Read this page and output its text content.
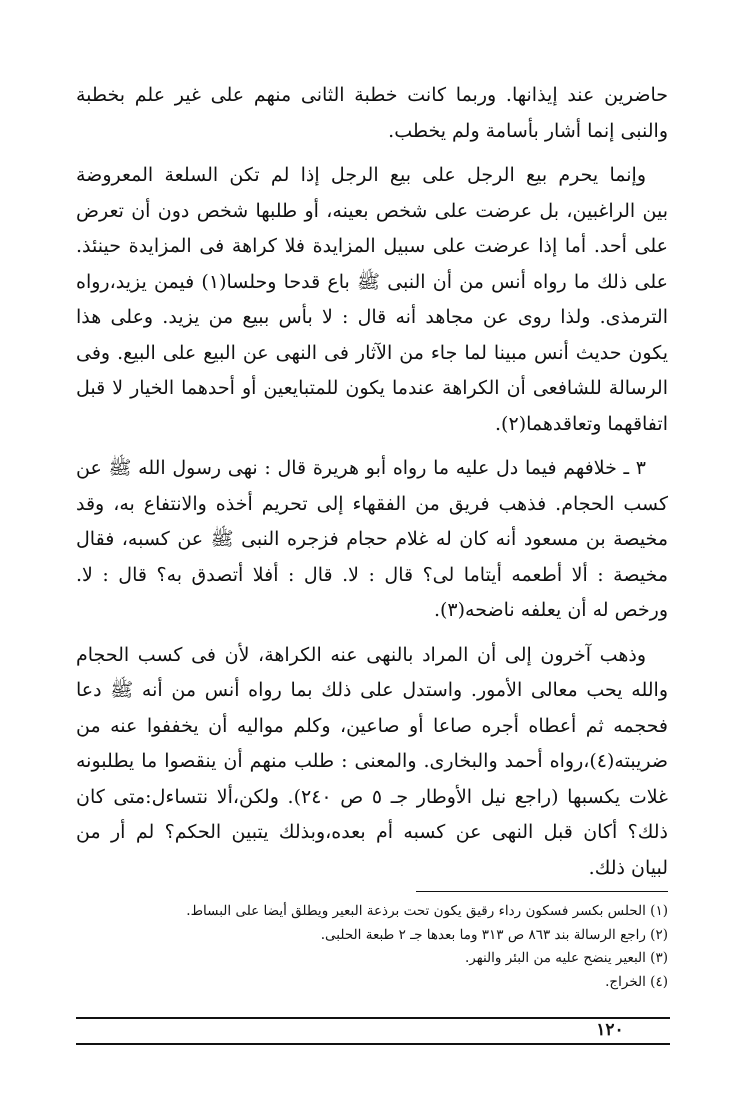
حاضرين عند إيذانها. وربما كانت خطبة الثانى منهم على غير علم بخطبة
والنبى إنما أشار بأسامة ولم يخطب.

وإنما يحرم بيع الرجل على بيع الرجل إذا لم تكن السلعة المعروضة
بين الراغبين، بل عرضت على شخص بعينه، أو طلبها شخص دون أن تعرض
على أحد. أما إذا عرضت على سبيل المزايدة فلا كراهة فى المزايدة حينئذ.
على ذلك ما رواه أنس من أن النبى ﷺ باع قدحا وحلسا(١) فيمن يزيد،رواه
الترمذى. ولذا روى عن مجاهد أنه قال : لا بأس ببيع من يزيد. وعلى هذا
يكون حديث أنس مبينا لما جاء من الآثار فى النهى عن البيع على البيع. وفى
الرسالة للشافعى أن الكراهة عندما يكون للمتبايعين أو أحدهما الخيار لا قبل
اتفاقهما وتعاقدهما(٢).

٣ ـ خلافهم فيما دل عليه ما رواه أبو هريرة قال : نهى رسول الله ﷺ عن
كسب الحجام. فذهب فريق من الفقهاء إلى تحريم أخذه والانتفاع به، وقد
مخيصة بن مسعود أنه كان له غلام حجام فزجره النبى ﷺ عن كسبه، فقال
مخيصة : ألا أطعمه أيتاما لى؟ قال : لا. قال : أفلا أتصدق به؟ قال : لا.
ورخص له أن يعلفه ناضحه(٣).

وذهب آخرون إلى أن المراد بالنهى عنه الكراهة، لأن فى كسب الحجام
والله يحب معالى الأمور. واستدل على ذلك بما رواه أنس من أنه ﷺ دعا
فحجمه ثم أعطاه أجره صاعا أو صاعين، وكلم مواليه أن يخففوا عنه من
ضريبته(٤)،رواه أحمد والبخارى. والمعنى : طلب منهم أن ينقصوا ما يطلبونه
غلات يكسبها (راجع نيل الأوطار جـ ٥ ص ٢٤٠). ولكن،ألا نتساءل:متى كان
ذلك؟ أكان قبل النهى عن كسبه أم بعده،وبذلك يتبين الحكم؟ لم أر من
لبيان ذلك.

(١) الحلس بكسر فسكون رداء رقيق يكون تحت برذعة البعير ويطلق أيضا على البساط.
(٢) راجع الرسالة بند ٨٦٣ ص ٣١٣ وما بعدها جـ ٢ طبعة الحلبى.
(٣) البعير ينضح عليه من البئر والنهر.
(٤) الخراج.
١٢٠
